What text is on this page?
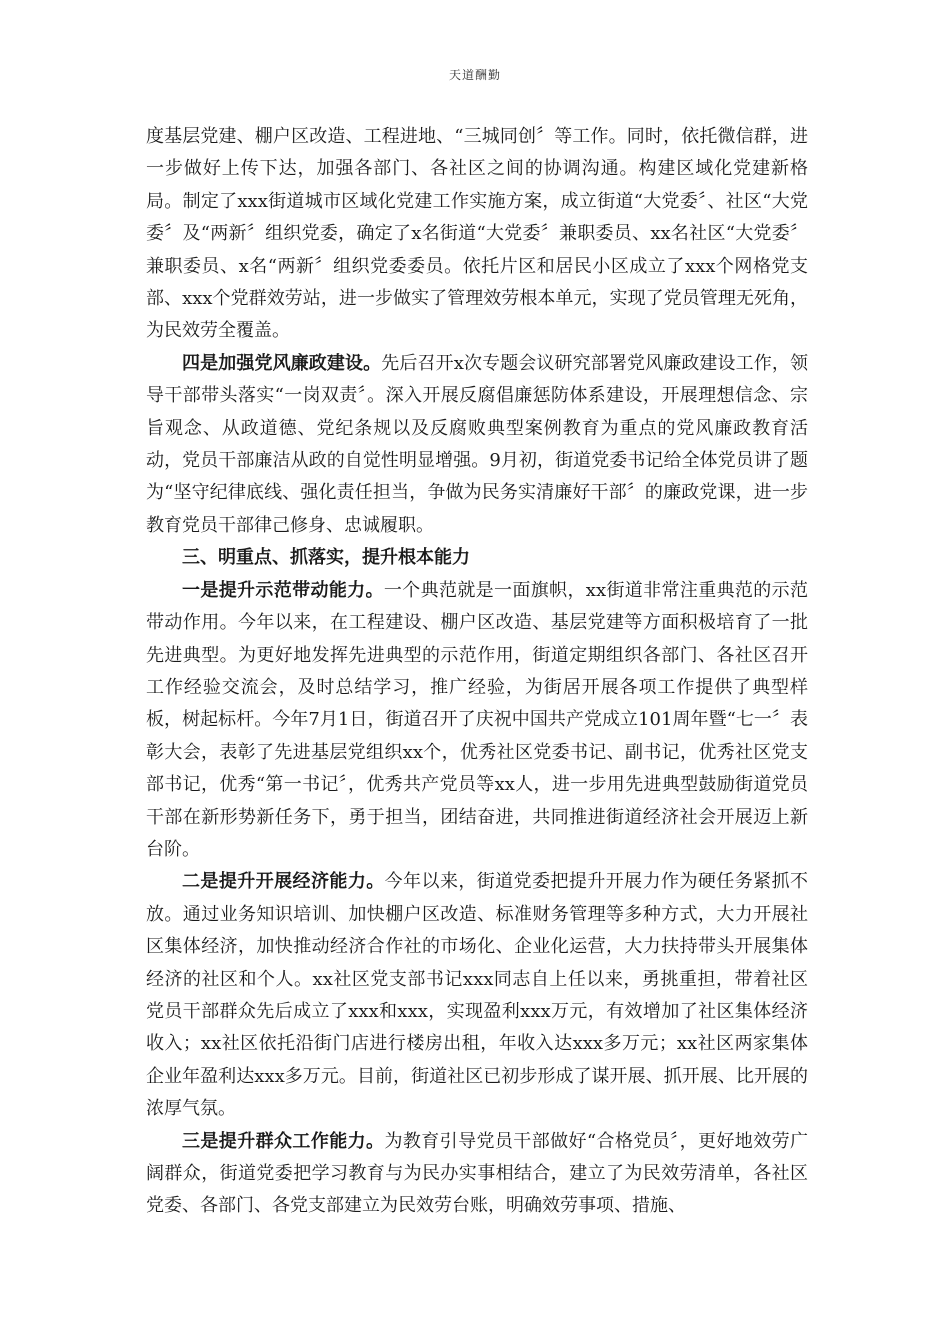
天道酬勤

度基层党建、棚户区改造、工程进地、“三城同创〞等工作。同时，依托微信群，进一步做好上传下达，加强各部门、各社区之间的协调沟通。构建区域化党建新格局。制定了xxx街道城市区域化党建工作实施方案，成立街道“大党委〞、社区“大党委〞及“两新〞组织党委，确定了x名街道“大党委〞兼职委员、xx名社区“大党委〞兼职委员、x名“两新〞组织党委委员。依托片区和居民小区成立了xxx个网格党支部、xxx个党群效劳站，进一步做实了管理效劳根本单元，实现了党员管理无死角，为民效劳全覆盖。

四是加强党风廉政建设。先后召开x次专题会议研究部署党风廉政建设工作，领导干部带头落实“一岗双责〞。深入开展反腐倡廉惩防体系建设，开展理想信念、宗旨观念、从政道德、党纪条规以及反腐败典型案例教育为重点的党风廉政教育活动，党员干部廉洁从政的自觉性明显增强。9月初，街道党委书记给全体党员讲了题为“坚守纪律底线、强化责任担当，争做为民务实清廉好干部〞的廉政党课，进一步教育党员干部律己修身、忠诚履职。

三、明重点、抓落实，提升根本能力

一是提升示范带动能力。一个典范就是一面旗帜，xx街道非常注重典范的示范带动作用。今年以来，在工程建设、棚户区改造、基层党建等方面积极培育了一批先进典型。为更好地发挥先进典型的示范作用，街道定期组织各部门、各社区召开工作经验交流会，及时总结学习，推广经验，为街居开展各项工作提供了典型样板，树起标杆。今年7月1日，街道召开了庆祝中国共产党成立101周年暨“七一〞表彰大会，表彰了先进基层党组织xx个，优秀社区党委书记、副书记，优秀社区党支部书记，优秀“第一书记〞，优秀共产党员等xx人，进一步用先进典型鼓励街道党员干部在新形势新任务下，勇于担当，团结奋进，共同推进街道经济社会开展迈上新台阶。

二是提升开展经济能力。今年以来，街道党委把提升开展力作为硬任务紧抓不放。通过业务知识培训、加快棚户区改造、标准财务管理等多种方式，大力开展社区集体经济，加快推动经济合作社的市场化、企业化运营，大力扶持带头开展集体经济的社区和个人。xx社区党支部书记xxx同志自上任以来，勇挑重担，带着社区党员干部群众先后成立了xxx和xxx，实现盈利xxx万元，有效增加了社区集体经济收入；xx社区依托沿街门店进行楼房出租，年收入达xxx多万元；xx社区两家集体企业年盈利达xxx多万元。目前，街道社区已初步形成了谋开展、抓开展、比开展的浓厚气氛。

三是提升群众工作能力。为教育引导党员干部做好“合格党员〞，更好地效劳广阔群众，街道党委把学习教育与为民办实事相结合，建立了为民效劳清单，各社区党委、各部门、各党支部建立为民效劳台账，明确效劳事项、措施、
